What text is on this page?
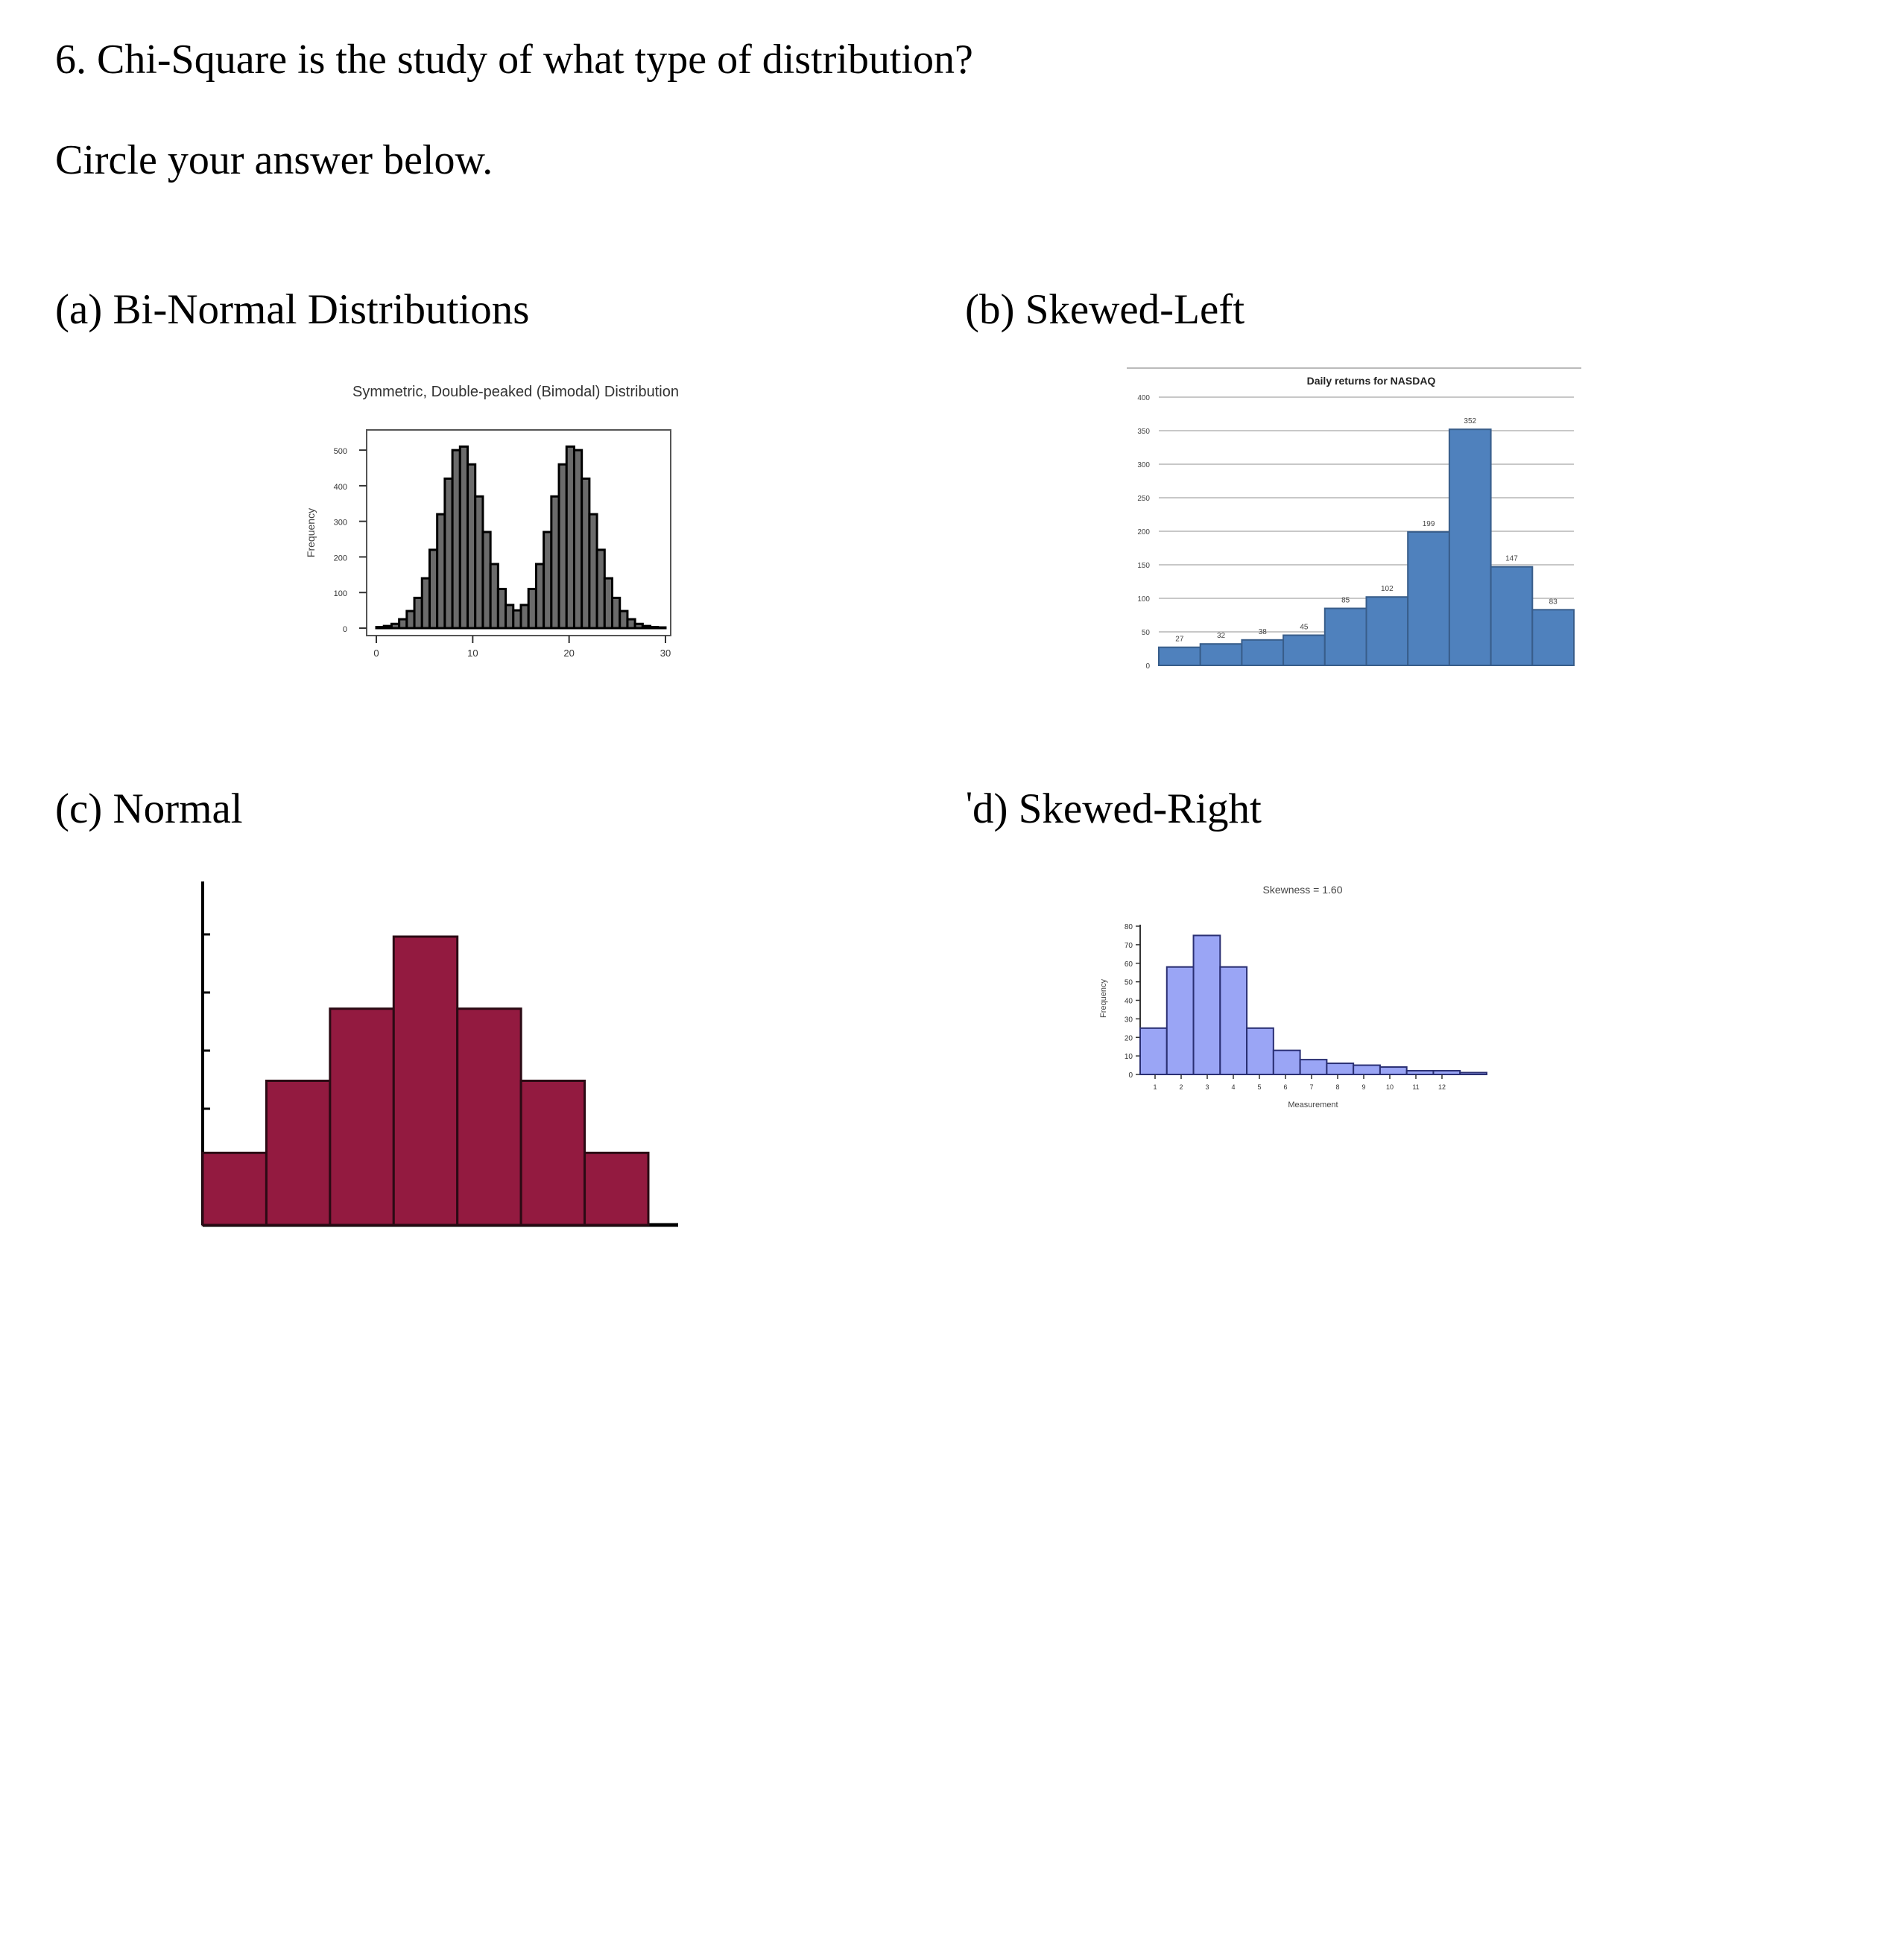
6. Chi-Square is the study of what type of distribution?
Circle your answer below.
(a) Bi-Normal Distributions	(b) Skewed-Left
(c) Normal	' d) Skewed-Right
Symmetric, Double-peaked (Bimodal) Distribution
Frequency
0
100
200
300
400
500
0	10	20	30
Daily returns for NASDAQ
0
50
100
150
200
250
300
350
400
27	32	38
45
85
102
199
352
147
83
Skewness = 1.60
Frequency
Measurement
0
10
20
30
40
50
60
70
80
1	2	3	4	5	6	7	8	9	10	11	12
